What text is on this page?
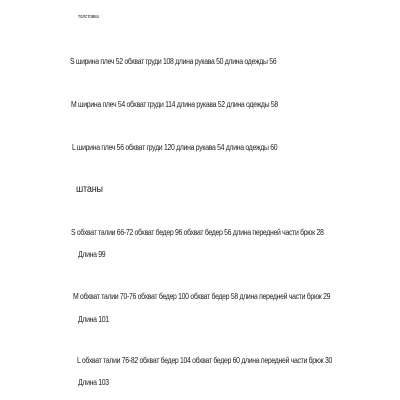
толстовка
S ширина плеч 52 обхват груди 108 длина рукава 50 длина одежды 56
M ширина плеч 54 обхват груди 114 длина рукава 52 длина одежды 58
L ширина плеч 56 обхват груди 120 длина рукава 54 длина одежды 60
штаны
S обхват талии 66-72 обхват бедер 96 обхват бедер 56 длина передней части брюк 28
Длина 99
M обхват талии 70-76 обхват бедер 100 обхват бедер 58 длина передней части брюк 29
Длина 101
L обхват талии 76-82 обхват бедер 104 обхват бедер 60 длина передней части брюк 30
Длина 103
